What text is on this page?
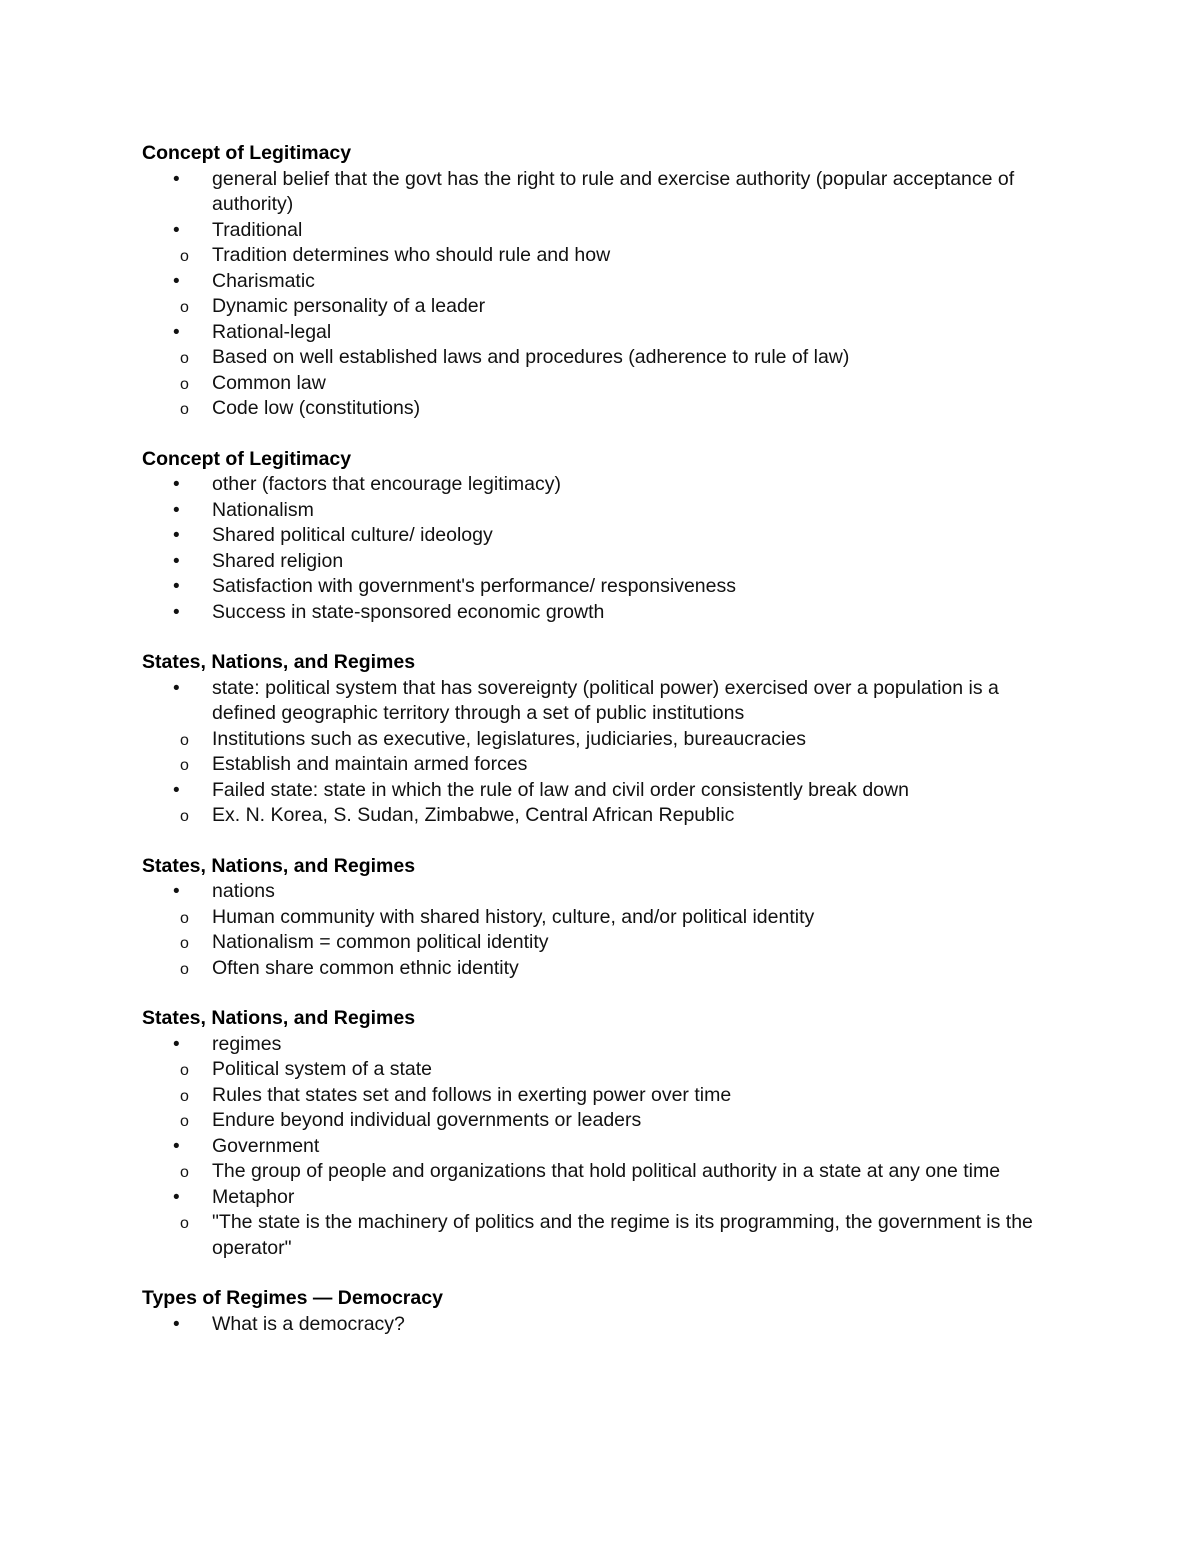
Concept of Legitimacy
• general belief that the govt has the right to rule and exercise authority (popular acceptance of authority)
• Traditional
o Tradition determines who should rule and how
• Charismatic
o Dynamic personality of a leader
• Rational-legal
o Based on well established laws and procedures (adherence to rule of law)
o Common law
o Code low (constitutions)
Concept of Legitimacy
• other (factors that encourage legitimacy)
• Nationalism
• Shared political culture/ ideology
• Shared religion
• Satisfaction with government's performance/ responsiveness
• Success in state-sponsored economic growth
States, Nations, and Regimes
• state: political system that has sovereignty (political power) exercised over a population is a defined geographic territory through a set of public institutions
o Institutions such as executive, legislatures, judiciaries, bureaucracies
o Establish and maintain armed forces
• Failed state: state in which the rule of law and civil order consistently break down
o Ex. N. Korea, S. Sudan, Zimbabwe, Central African Republic
States, Nations, and Regimes
• nations
o Human community with shared history, culture, and/or political identity
o Nationalism = common political identity
o Often share common ethnic identity
States, Nations, and Regimes
• regimes
o Political system of a state
o Rules that states set and follows in exerting power over time
o Endure beyond individual governments or leaders
• Government
o The group of people and organizations that hold political authority in a state at any one time
• Metaphor
o "The state is the machinery of politics and the regime is its programming, the government is the operator"
Types of Regimes — Democracy
• What is a democracy?
